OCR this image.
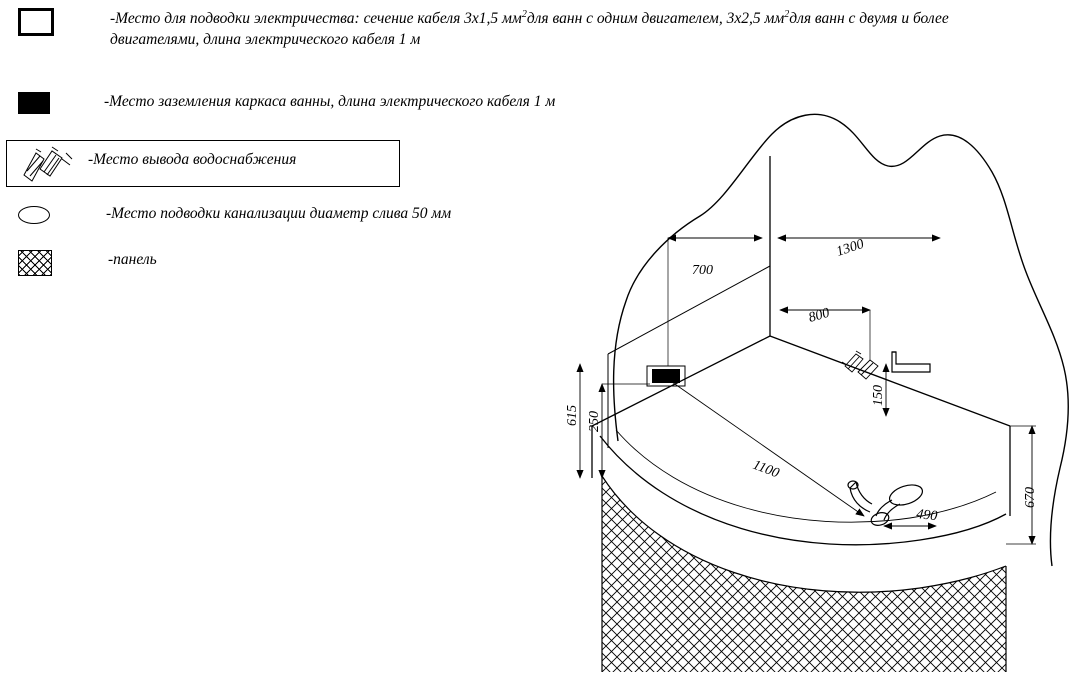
-Место для подводки электричества: сечение кабеля 3х1,5 $мм^2для$ ванн с одним двигателем, 3х2,5 $мм^2для$ ванн с двумя и более двигателями, длина электрического кабеля 1 м
-Место заземления каркаса ванны, длина электрического кабеля 1 м
-Место вывода водоснабжения
-Место подводки канализации диаметр слива 50 мм
-панель
700
1300
800
615 250
150
1100
490
670
